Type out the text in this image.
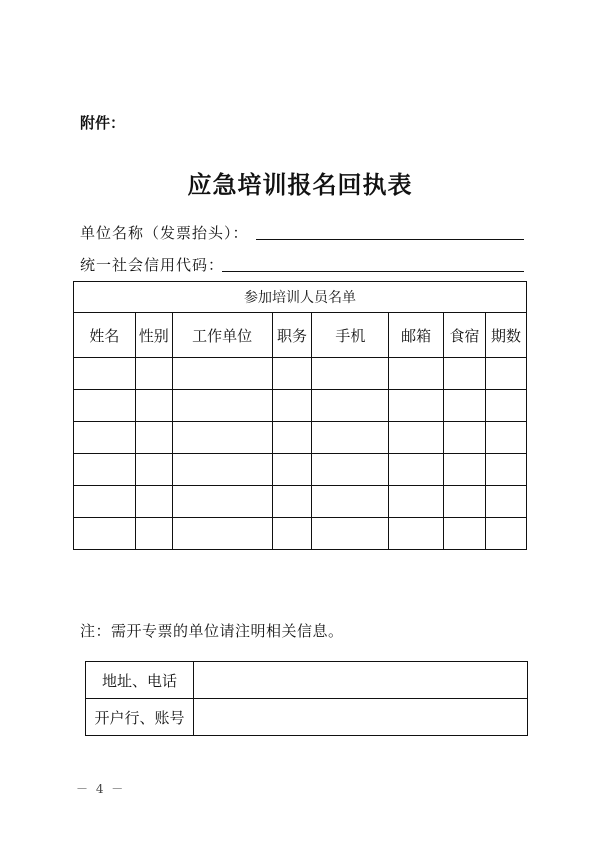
附件：
应急培训报名回执表
单位名称（发票抬头）：
统一社会信用代码：
参加培训人员名单							
姓名	性别	工作单位	职务	手机	邮箱	食宿	期数

注：需开专票的单位请注明相关信息。
地址、电话	
开户行、账号	
－ 4 －
